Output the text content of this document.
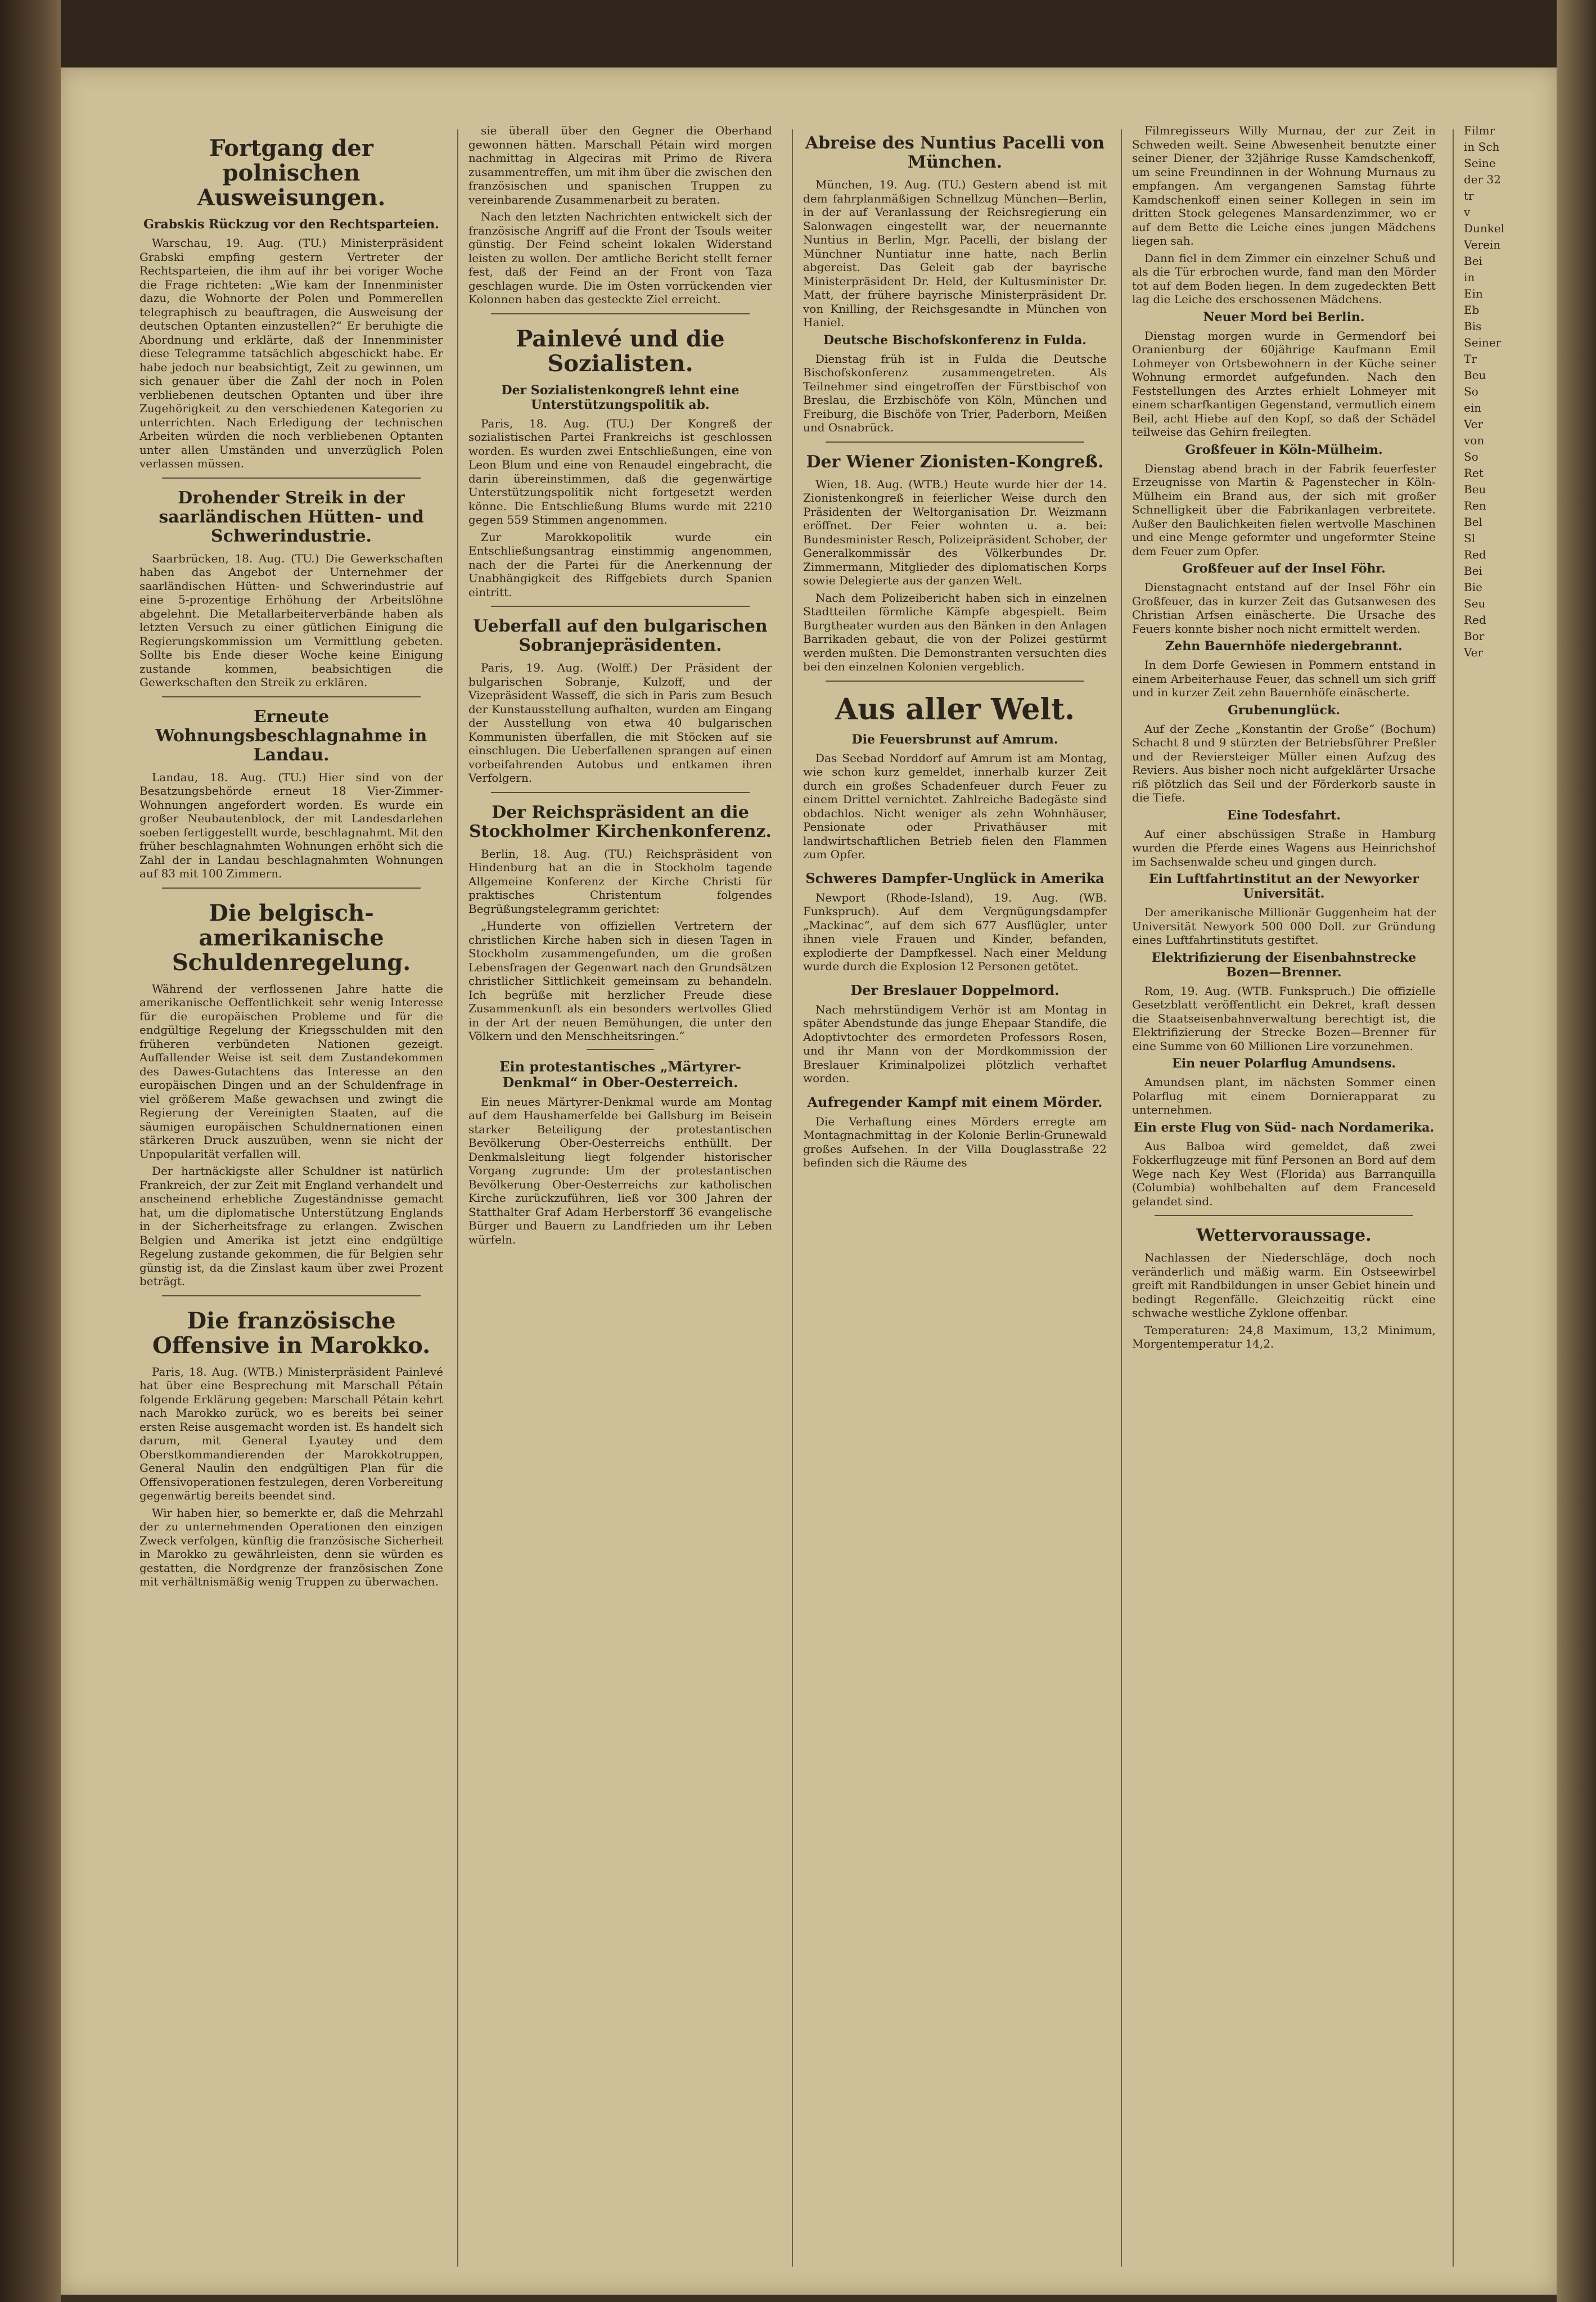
Fortgang der polnischen Ausweisungen.
Grabskis Rückzug vor den Rechtsparteien.

Warschau, 19. Aug. (TU.) Ministerpräsident Grabski empfing gestern Vertreter der Rechtsparteien, die ihm auf ihr bei voriger Woche die Frage richteten: „Wie kam der Innenminister dazu, die Wohnorte der Polen und Pommerellen telegraphisch zu beauftragen, die Ausweisung der deutschen Optanten einzustellen?“ Er beruhigte die Abordnung und erklärte, daß der Innenminister diese Telegramme tatsächlich abgeschickt habe. Er habe jedoch nur beabsichtigt, Zeit zu gewinnen, um sich genauer über die Zahl der noch in Polen verbliebenen deutschen Optanten und über ihre Zugehörigkeit zu den verschiedenen Kategorien zu unterrichten. Nach Erledigung der technischen Arbeiten würden die noch verbliebenen Optanten unter allen Umständen und unverzüglich Polen verlassen müssen.

Drohender Streik in der saarländischen Hütten- und Schwerindustrie.

Saarbrücken, 18. Aug. (TU.) Die Gewerkschaften haben das Angebot der Unternehmer der saarländischen Hütten- und Schwerindustrie auf eine 5-prozentige Erhöhung der Arbeitslöhne abgelehnt. Die Metallarbeiterverbände haben als letzten Versuch zu einer gütlichen Einigung die Regierungskommission um Vermittlung gebeten. Sollte bis Ende dieser Woche keine Einigung zustande kommen, beabsichtigen die Gewerkschaften den Streik zu erklären.

Erneute Wohnungsbeschlagnahme in Landau.

Landau, 18. Aug. (TU.) Hier sind von der Besatzungsbehörde erneut 18 Vier-Zimmer-Wohnungen angefordert worden. Es wurde ein großer Neubautenblock, der mit Landesdarlehen soeben fertiggestellt wurde, beschlagnahmt. Mit den früher beschlagnahmten Wohnungen erhöht sich die Zahl der in Landau beschlagnahmten Wohnungen auf 83 mit 100 Zimmern.

Die belgisch-amerikanische Schuldenregelung.

Während der verflossenen Jahre hatte die amerikanische Oeffentlichkeit sehr wenig Interesse für die europäischen Probleme und für die endgültige Regelung der Kriegsschulden mit den früheren verbündeten Nationen gezeigt. Auffallender Weise ist seit dem Zustandekommen des Dawes-Gutachtens das Interesse an den europäischen Dingen und an der Schuldenfrage in viel größerem Maße gewachsen und zwingt die Regierung der Vereinigten Staaten, auf die säumigen europäischen Schuldnernationen einen stärkeren Druck auszuüben, wenn sie nicht der Unpopularität verfallen will.

Der hartnäckigste aller Schuldner ist natürlich Frankreich, der zur Zeit mit England verhandelt und anscheinend erhebliche Zugeständnisse gemacht hat, um die diplomatische Unterstützung Englands in der Sicherheitsfrage zu erlangen. Zwischen Belgien und Amerika ist jetzt eine endgültige Regelung zustande gekommen, die für Belgien sehr günstig ist, da die Zinslast kaum über zwei Prozent beträgt.

Die französische Offensive in Marokko.

Paris, 18. Aug. (WTB.) Ministerpräsident Painlevé hat über eine Besprechung mit Marschall Pétain folgende Erklärung gegeben: Marschall Pétain kehrt nach Marokko zurück, wo es bereits bei seiner ersten Reise ausgemacht worden ist. Es handelt sich darum, mit General Lyautey und dem Oberstkommandierenden der Marokkotruppen, General Naulin den endgültigen Plan für die Offensivoperationen festzulegen, deren Vorbereitung gegenwärtig bereits beendet sind.

Wir haben hier, so bemerkte er, daß die Mehrzahl der zu unternehmenden Operationen den einzigen Zweck verfolgen, künftig die französische Sicherheit in Marokko zu gewährleisten, denn sie würden es gestatten, die Nordgrenze der französischen Zone mit verhältnismäßig wenig Truppen zu überwachen.

sie überall über den Gegner die Oberhand gewonnen hätten. Marschall Pétain wird morgen nachmittag in Algeciras mit Primo de Rivera zusammentreffen, um mit ihm über die zwischen den französischen und spanischen Truppen zu vereinbarende Zusammenarbeit zu beraten.

Nach den letzten Nachrichten entwickelt sich der französische Angriff auf die Front der Tsouls weiter günstig. Der Feind scheint lokalen Widerstand leisten zu wollen. Der amtliche Bericht stellt ferner fest, daß der Feind an der Front von Taza geschlagen wurde. Die im Osten vorrückenden vier Kolonnen haben das gesteckte Ziel erreicht.

Painlevé und die Sozialisten.
Der Sozialistenkongreß lehnt eine Unterstützungspolitik ab.

Paris, 18. Aug. (TU.) Der Kongreß der sozialistischen Partei Frankreichs ist geschlossen worden. Es wurden zwei Entschließungen, eine von Leon Blum und eine von Renaudel eingebracht, die darin übereinstimmen, daß die gegenwärtige Unterstützungspolitik nicht fortgesetzt werden könne. Die Entschließung Blums wurde mit 2210 gegen 559 Stimmen angenommen.

Zur Marokkopolitik wurde ein Entschließungsantrag einstimmig angenommen, nach der die Partei für die Anerkennung der Unabhängigkeit des Riffgebiets durch Spanien eintritt.

Ueberfall auf den bulgarischen Sobranjepräsidenten.

Paris, 19. Aug. (Wolff.) Der Präsident der bulgarischen Sobranje, Kulzoff, und der Vizepräsident Wasseff, die sich in Paris zum Besuch der Kunstausstellung aufhalten, wurden am Eingang der Ausstellung von etwa 40 bulgarischen Kommunisten überfallen, die mit Stöcken auf sie einschlugen. Die Ueberfallenen sprangen auf einen vorbeifahrenden Autobus und entkamen ihren Verfolgern.

Der Reichspräsident an die Stockholmer Kirchenkonferenz.

Berlin, 18. Aug. (TU.) Reichspräsident von Hindenburg hat an die in Stockholm tagende Allgemeine Konferenz der Kirche Christi für praktisches Christentum folgendes Begrüßungstelegramm gerichtet:

„Hunderte von offiziellen Vertretern der christlichen Kirche haben sich in diesen Tagen in Stockholm zusammengefunden, um die großen Lebensfragen der Gegenwart nach den Grundsätzen christlicher Sittlichkeit gemeinsam zu behandeln. Ich begrüße mit herzlicher Freude diese Zusammenkunft als ein besonders wertvolles Glied in der Art der neuen Bemühungen, die unter den Völkern und den Menschheitsringen.“

Ein protestantisches „Märtyrer-Denkmal“ in Ober-Oesterreich.

Ein neues Märtyrer-Denkmal wurde am Montag auf dem Haushamerfelde bei Gallsburg im Beisein starker Beteiligung der protestantischen Bevölkerung Ober-Oesterreichs enthüllt. Der Denkmalsleitung liegt folgender historischer Vorgang zugrunde: Um der protestantischen Bevölkerung Ober-Oesterreichs zur katholischen Kirche zurückzuführen, ließ vor 300 Jahren der Statthalter Graf Adam Herberstorff 36 evangelische Bürger und Bauern zu Landfrieden um ihr Leben würfeln.

Abreise des Nuntius Pacelli von München.

München, 19. Aug. (TU.) Gestern abend ist mit dem fahrplanmäßigen Schnellzug München—Berlin, in der auf Veranlassung der Reichsregierung ein Salonwagen eingestellt war, der neuernannte Nuntius in Berlin, Mgr. Pacelli, der bislang der Münchner Nuntiatur inne hatte, nach Berlin abgereist. Das Geleit gab der bayrische Ministerpräsident Dr. Held, der Kultusminister Dr. Matt, der frühere bayrische Ministerpräsident Dr. von Knilling, der Reichsgesandte in München von Haniel.

Deutsche Bischofskonferenz in Fulda.

Dienstag früh ist in Fulda die Deutsche Bischofskonferenz zusammengetreten. Als Teilnehmer sind eingetroffen der Fürstbischof von Breslau, die Erzbischöfe von Köln, München und Freiburg, die Bischöfe von Trier, Paderborn, Meißen und Osnabrück.

Der Wiener Zionisten-Kongreß.

Wien, 18. Aug. (WTB.) Heute wurde hier der 14. Zionistenkongreß in feierlicher Weise durch den Präsidenten der Weltorganisation Dr. Weizmann eröffnet. Der Feier wohnten u. a. bei: Bundesminister Resch, Polizeipräsident Schober, der Generalkommissär des Völkerbundes Dr. Zimmermann, Mitglieder des diplomatischen Korps sowie Delegierte aus der ganzen Welt.

Nach dem Polizeibericht haben sich in einzelnen Stadtteilen förmliche Kämpfe abgespielt. Beim Burgtheater wurden aus den Bänken in den Anlagen Barrikaden gebaut, die von der Polizei gestürmt werden mußten. Die Demonstranten versuchten dies bei den einzelnen Kolonien vergeblich.

Aus aller Welt.
Die Feuersbrunst auf Amrum.

Das Seebad Norddorf auf Amrum ist am Montag, wie schon kurz gemeldet, innerhalb kurzer Zeit durch ein großes Schadenfeuer durch Feuer zu einem Drittel vernichtet. Zahlreiche Badegäste sind obdachlos. Nicht weniger als zehn Wohnhäuser, Pensionate oder Privathäuser mit landwirtschaftlichen Betrieb fielen den Flammen zum Opfer.

Schweres Dampfer-Unglück in Amerika

Newport (Rhode-Island), 19. Aug. (WB. Funkspruch). Auf dem Vergnügungsdampfer „Mackinac“, auf dem sich 677 Ausflügler, unter ihnen viele Frauen und Kinder, befanden, explodierte der Dampfkessel. Nach einer Meldung wurde durch die Explosion 12 Personen getötet.

Der Breslauer Doppelmord.

Nach mehrstündigem Verhör ist am Montag in später Abendstunde das junge Ehepaar Standife, die Adoptivtochter des ermordeten Professors Rosen, und ihr Mann von der Mordkommission der Breslauer Kriminalpolizei plötzlich verhaftet worden.

Aufregender Kampf mit einem Mörder.

Die Verhaftung eines Mörders erregte am Montagnachmittag in der Kolonie Berlin-Grunewald großes Aufsehen. In der Villa Douglasstraße 22 befinden sich die Räume des

Filmregisseurs Willy Murnau, der zur Zeit in Schweden weilt. Seine Abwesenheit benutzte einer seiner Diener, der 32jährige Russe Kamdschenkoff, um seine Freundinnen in der Wohnung Murnaus zu empfangen. Am vergangenen Samstag führte Kamdschenkoff einen seiner Kollegen in sein im dritten Stock gelegenes Mansardenzimmer, wo er auf dem Bette die Leiche eines jungen Mädchens liegen sah.

Dann fiel in dem Zimmer ein einzelner Schuß und als die Tür erbrochen wurde, fand man den Mörder tot auf dem Boden liegen. In dem zugedeckten Bett lag die Leiche des erschossenen Mädchens.

Neuer Mord bei Berlin.

Dienstag morgen wurde in Germendorf bei Oranienburg der 60jährige Kaufmann Emil Lohmeyer von Ortsbewohnern in der Küche seiner Wohnung ermordet aufgefunden. Nach den Feststellungen des Arztes erhielt Lohmeyer mit einem scharfkantigen Gegenstand, vermutlich einem Beil, acht Hiebe auf den Kopf, so daß der Schädel teilweise das Gehirn freilegten.

Großfeuer in Köln-Mülheim.

Dienstag abend brach in der Fabrik feuerfester Erzeugnisse von Martin & Pagenstecher in Köln-Mülheim ein Brand aus, der sich mit großer Schnelligkeit über die Fabrikanlagen verbreitete. Außer den Baulichkeiten fielen wertvolle Maschinen und eine Menge geformter und ungeformter Steine dem Feuer zum Opfer.

Großfeuer auf der Insel Föhr.

Dienstagnacht entstand auf der Insel Föhr ein Großfeuer, das in kurzer Zeit das Gutsanwesen des Christian Arfsen einäscherte. Die Ursache des Feuers konnte bisher noch nicht ermittelt werden.

Zehn Bauernhöfe niedergebrannt.

In dem Dorfe Gewiesen in Pommern entstand in einem Arbeiterhause Feuer, das schnell um sich griff und in kurzer Zeit zehn Bauernhöfe einäscherte.

Grubenunglück.

Auf der Zeche „Konstantin der Große“ (Bochum) Schacht 8 und 9 stürzten der Betriebsführer Preßler und der Reviersteiger Müller einen Aufzug des Reviers. Aus bisher noch nicht aufgeklärter Ursache riß plötzlich das Seil und der Förderkorb sauste in die Tiefe.

Eine Todesfahrt.

Auf einer abschüssigen Straße in Hamburg wurden die Pferde eines Wagens aus Heinrichshof im Sachsenwalde scheu und gingen durch.

Ein Luftfahrtinstitut an der Newyorker Universität.

Der amerikanische Millionär Guggenheim hat der Universität Newyork 500 000 Doll. zur Gründung eines Luftfahrtinstituts gestiftet.

Elektrifizierung der Eisenbahnstrecke Bozen—Brenner.

Rom, 19. Aug. (WTB. Funkspruch.) Die offizielle Gesetzblatt veröffentlicht ein Dekret, kraft dessen die Staatseisenbahnverwaltung berechtigt ist, die Elektrifizierung der Strecke Bozen—Brenner für eine Summe von 60 Millionen Lire vorzunehmen.

Ein neuer Polarflug Amundsens.

Amundsen plant, im nächsten Sommer einen Polarflug mit einem Dornierapparat zu unternehmen.

Ein erste Flug von Süd- nach Nordamerika.

Aus Balboa wird gemeldet, daß zwei Fokkerflugzeuge mit fünf Personen an Bord auf dem Wege nach Key West (Florida) aus Barranquilla (Columbia) wohlbehalten auf dem Franceseld gelandet sind.

Wettervoraussage.

Nachlassen der Niederschläge, doch noch veränderlich und mäßig warm. Ein Ostseewirbel greift mit Randbildungen in unser Gebiet hinein und bedingt Regenfälle. Gleichzeitig rückt eine schwache westliche Zyklone offenbar.

Temperaturen: 24,8 Maximum, 13,2 Minimum, Morgentemperatur 14,2.

Filmr

in Sch

Seine

der 32

tr

v

Dunkel

Verein

Bei

in

Ein

Eb

Bis

Seiner

Tr

Beu

So

ein

Ver

von

So

Ret

Beu

Ren

Bel

Sl

Red

Bei

Bie

Seu

Red

Bor

Ver
